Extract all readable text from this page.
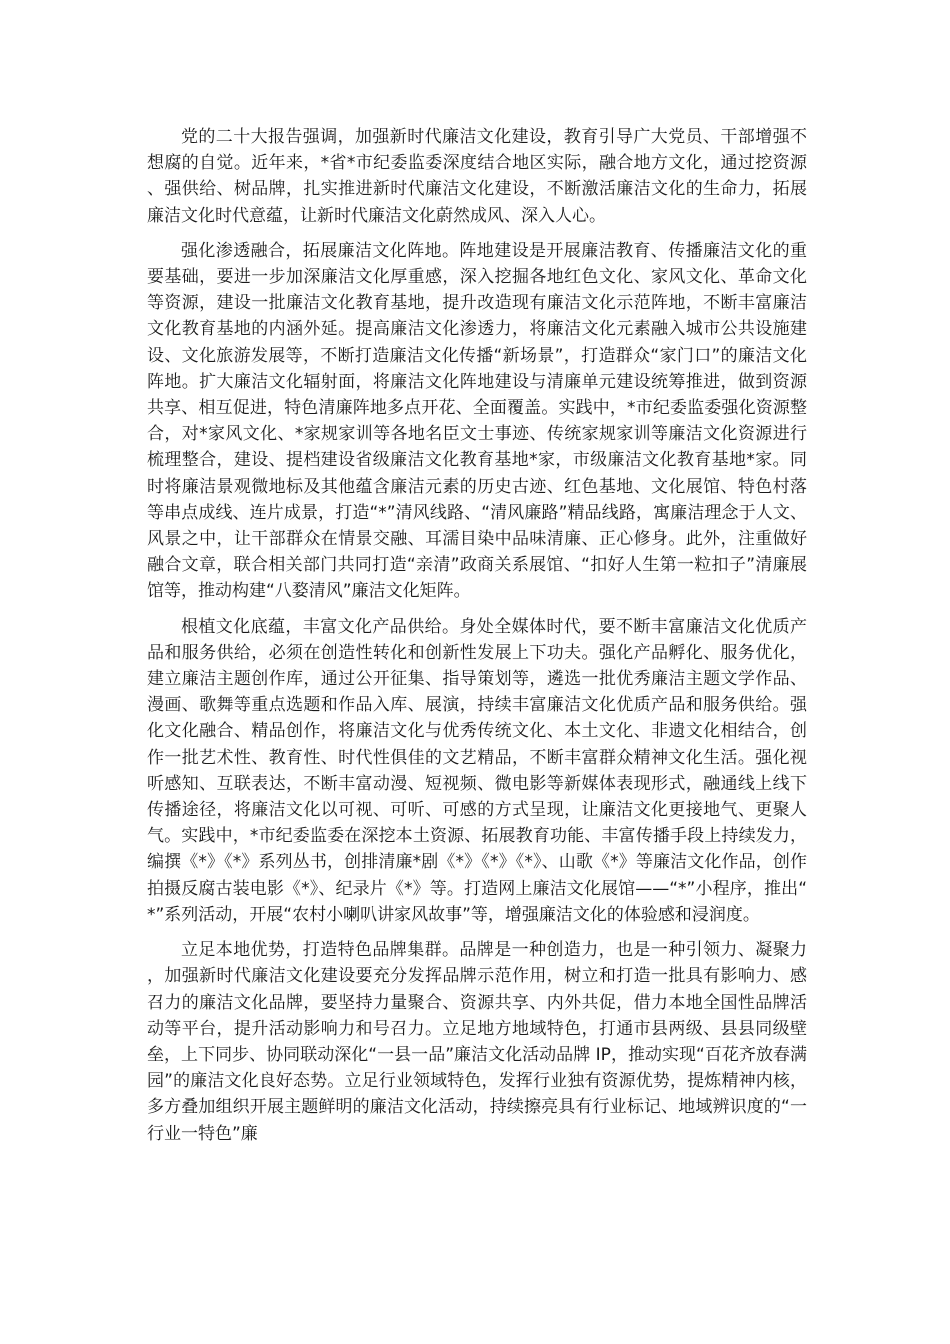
党的二十大报告强调，加强新时代廉洁文化建设，教育引导广大党员、干部增强不想腐的自觉。近年来，*省*市纪委监委深度结合地区实际，融合地方文化，通过挖资源、强供给、树品牌，扎实推进新时代廉洁文化建设，不断激活廉洁文化的生命力，拓展廉洁文化时代意蕴，让新时代廉洁文化蔚然成风、深入人心。

强化渗透融合，拓展廉洁文化阵地。阵地建设是开展廉洁教育、传播廉洁文化的重要基础，要进一步加深廉洁文化厚重感，深入挖掘各地红色文化、家风文化、革命文化等资源，建设一批廉洁文化教育基地，提升改造现有廉洁文化示范阵地，不断丰富廉洁文化教育基地的内涵外延。提高廉洁文化渗透力，将廉洁文化元素融入城市公共设施建设、文化旅游发展等，不断打造廉洁文化传播“新场景”，打造群众“家门口”的廉洁文化阵地。扩大廉洁文化辐射面，将廉洁文化阵地建设与清廉单元建设统筹推进，做到资源共享、相互促进，特色清廉阵地多点开花、全面覆盖。实践中，*市纪委监委强化资源整合，对*家风文化、*家规家训等各地名臣文士事迹、传统家规家训等廉洁文化资源进行梳理整合，建设、提档建设省级廉洁文化教育基地*家，市级廉洁文化教育基地*家。同时将廉洁景观微地标及其他蕴含廉洁元素的历史古迹、红色基地、文化展馆、特色村落等串点成线、连片成景，打造“*”清风线路、“清风廉路”精品线路，寓廉洁理念于人文、风景之中，让干部群众在情景交融、耳濡目染中品味清廉、正心修身。此外，注重做好融合文章，联合相关部门共同打造“亲清”政商关系展馆、“扣好人生第一粒扣子”清廉展馆等，推动构建“八婺清风”廉洁文化矩阵。

根植文化底蕴，丰富文化产品供给。身处全媒体时代，要不断丰富廉洁文化优质产品和服务供给，必须在创造性转化和创新性发展上下功夫。强化产品孵化、服务优化，建立廉洁主题创作库，通过公开征集、指导策划等，遴选一批优秀廉洁主题文学作品、漫画、歌舞等重点选题和作品入库、展演，持续丰富廉洁文化优质产品和服务供给。强化文化融合、精品创作，将廉洁文化与优秀传统文化、本土文化、非遗文化相结合，创作一批艺术性、教育性、时代性俱佳的文艺精品，不断丰富群众精神文化生活。强化视听感知、互联表达，不断丰富动漫、短视频、微电影等新媒体表现形式，融通线上线下传播途径，将廉洁文化以可视、可听、可感的方式呈现，让廉洁文化更接地气、更聚人气。实践中，*市纪委监委在深挖本土资源、拓展教育功能、丰富传播手段上持续发力，编撰《*》《*》系列丛书，创排清廉*剧《*》《*》《*》、山歌《*》等廉洁文化作品，创作拍摄反腐古装电影《*》、纪录片《*》等。打造网上廉洁文化展馆——“*”小程序，推出“*”系列活动，开展“农村小喇叭讲家风故事”等，增强廉洁文化的体验感和浸润度。

立足本地优势，打造特色品牌集群。品牌是一种创造力，也是一种引领力、凝聚力，加强新时代廉洁文化建设要充分发挥品牌示范作用，树立和打造一批具有影响力、感召力的廉洁文化品牌，要坚持力量聚合、资源共享、内外共促，借力本地全国性品牌活动等平台，提升活动影响力和号召力。立足地方地域特色，打通市县两级、县县同级壁垒，上下同步、协同联动深化“一县一品”廉洁文化活动品牌 IP，推动实现“百花齐放春满园”的廉洁文化良好态势。立足行业领域特色，发挥行业独有资源优势，提炼精神内核，多方叠加组织开展主题鲜明的廉洁文化活动，持续擦亮具有行业标记、地域辨识度的“一行业一特色”廉
